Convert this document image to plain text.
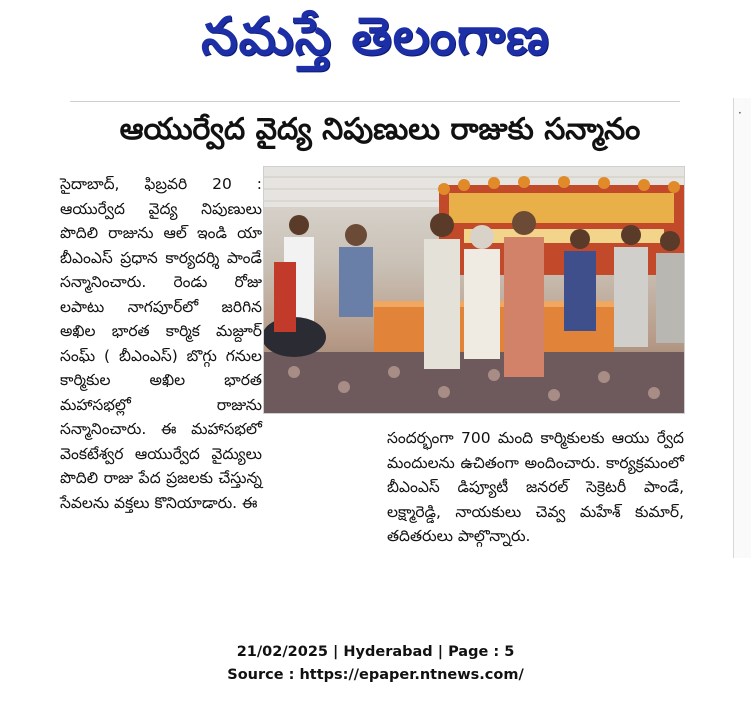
నమస్తే తెలంగాణ
ఆయుర్వేద వైద్య నిపుణులు రాజుకు సన్మానం
సైదాబాద్, ఫిబ్రవరి 20 : ఆయుర్వేద వైద్య నిపుణులు పొదిలి రాజును ఆల్ ఇండి యా బీఎంఎస్ ప్రధాన కార్యదర్శి పాండే సన్మానించారు. రెండు రోజు లపాటు నాగపూర్‌లో జరిగిన అఖిల భారత కార్మిక మజ్దూర్ సంఘ్ ( బీఎంఎస్) బొగ్గు గనుల కార్మికుల అఖిల భారత మహాసభల్లో రాజును సన్మానించారు. ఈ మహాసభలో వెంకటేశ్వర ఆయుర్వేద వైద్యులు పొదిలి రాజు పేద ప్రజలకు చేస్తున్న సేవలను వక్తలు కొనియాడారు. ఈ
సందర్భంగా 700 మంది కార్మికులకు ఆయు ర్వేద మందులను ఉచితంగా అందించారు. కార్యక్రమంలో బీఎంఎస్ డిప్యూటీ జనరల్ సెక్రెటరీ పాండే, లక్ష్మారెడ్డి, నాయకులు చెవ్వ మహేశ్ కుమార్, తదితరులు పాల్గొన్నారు.
·
21/02/2025 | Hyderabad | Page : 5
Source : https://epaper.ntnews.com/
